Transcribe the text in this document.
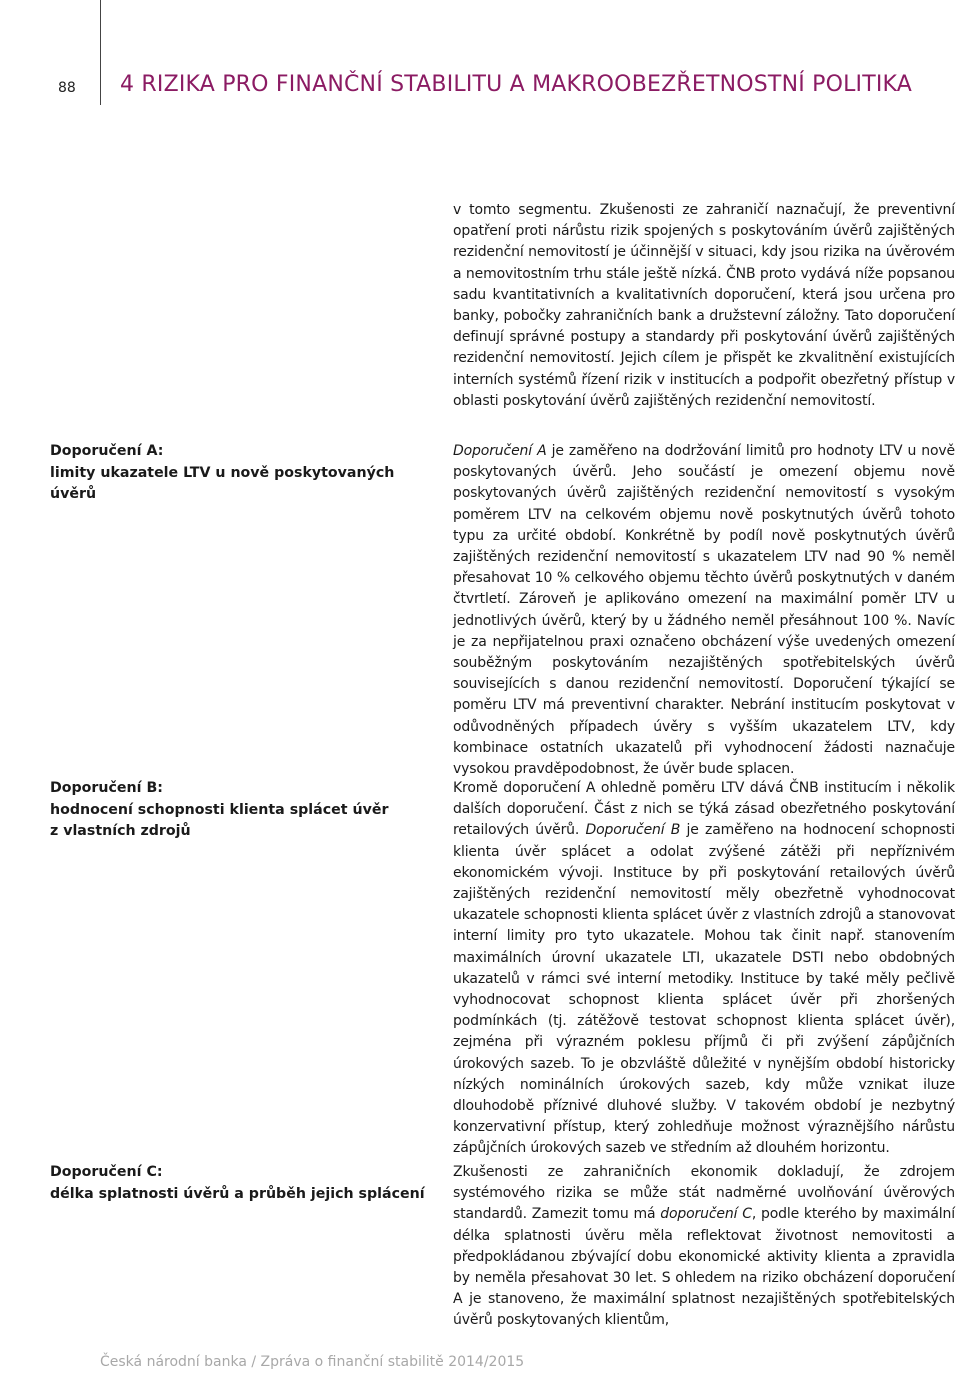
88 4 RIZIKA PRO FINANČNÍ STABILITU A MAKROOBEZŘETNOSTNÍ POLITIKA
Doporučení A:
limity ukazatele LTV u nově poskytovaných
úvěrů
Doporučení B:
hodnocení schopnosti klienta splácet úvěr
z vlastních zdrojů
Doporučení C:
délka splatnosti úvěrů a průběh jejich splácení

v tomto segmentu. Zkušenosti ze zahraničí naznačují, že preventivní opatření proti nárůstu rizik spojených s poskytováním úvěrů zajištěných rezidenční nemovitostí je účinnější v situaci, kdy jsou rizika na úvěrovém a nemovitostním trhu stále ještě nízká. ČNB proto vydává níže popsanou sadu kvantitativních a kvalitativních doporučení, která jsou určena pro banky, pobočky zahraničních bank a družstevní záložny. Tato doporučení definují správné postupy a standardy při poskytování úvěrů zajištěných rezidenční nemovitostí. Jejich cílem je přispět ke zkvalitnění existujících interních systémů řízení rizik v institucích a podpořit obezřetný přístup v oblasti poskytování úvěrů zajištěných rezidenční nemovitostí.

Doporučení A je zaměřeno na dodržování limitů pro hodnoty LTV u nově poskytovaných úvěrů. Jeho součástí je omezení objemu nově poskytovaných úvěrů zajištěných rezidenční nemovitostí s vysokým poměrem LTV na celkovém objemu nově poskytnutých úvěrů tohoto typu za určité období. Konkrétně by podíl nově poskytnutých úvěrů zajištěných rezidenční nemovitostí s ukazatelem LTV nad 90 % neměl přesahovat 10 % celkového objemu těchto úvěrů poskytnutých v daném čtvrtletí. Zároveň je aplikováno omezení na maximální poměr LTV u jednotlivých úvěrů, který by u žádného neměl přesáhnout 100 %. Navíc je za nepřijatelnou praxi označeno obcházení výše uvedených omezení souběžným poskytováním nezajištěných spotřebitelských úvěrů souvisejících s danou rezidenční nemovitostí. Doporučení týkající se poměru LTV má preventivní charakter. Nebrání institucím poskytovat v odůvodněných případech úvěry s vyšším ukazatelem LTV, kdy kombinace ostatních ukazatelů při vyhodnocení žádosti naznačuje vysokou pravděpodobnost, že úvěr bude splacen.

Kromě doporučení A ohledně poměru LTV dává ČNB institucím i několik dalších doporučení. Část z nich se týká zásad obezřetného poskytování retailových úvěrů. Doporučení B je zaměřeno na hodnocení schopnosti klienta úvěr splácet a odolat zvýšené zátěži při nepříznivém ekonomickém vývoji. Instituce by při poskytování retailových úvěrů zajištěných rezidenční nemovitostí měly obezřetně vyhodnocovat ukazatele schopnosti klienta splácet úvěr z vlastních zdrojů a stanovovat interní limity pro tyto ukazatele. Mohou tak činit např. stanovením maximálních úrovní ukazatele LTI, ukazatele DSTI nebo obdobných ukazatelů v rámci své interní metodiky. Instituce by také měly pečlivě vyhodnocovat schopnost klienta splácet úvěr při zhoršených podmínkách (tj. zátěžově testovat schopnost klienta splácet úvěr), zejména při výrazném poklesu příjmů či při zvýšení zápůjčních úrokových sazeb. To je obzvláště důležité v nynějším období historicky nízkých nominálních úrokových sazeb, kdy může vznikat iluze dlouhodobě příznivé dluhové služby. V takovém období je nezbytný konzervativní přístup, který zohledňuje možnost výraznějšího nárůstu zápůjčních úrokových sazeb ve středním až dlouhém horizontu.

Zkušenosti ze zahraničních ekonomik dokladují, že zdrojem systémového rizika se může stát nadměrné uvolňování úvěrových standardů. Zamezit tomu má doporučení C, podle kterého by maximální délka splatnosti úvěru měla reflektovat životnost nemovitosti a předpokládanou zbývající dobu ekonomické aktivity klienta a zpravidla by neměla přesahovat 30 let. S ohledem na riziko obcházení doporučení A je stanoveno, že maximální splatnost nezajištěných spotřebitelských úvěrů poskytovaných klientům,

Česká národní banka / Zpráva o finanční stabilitě 2014/2015
